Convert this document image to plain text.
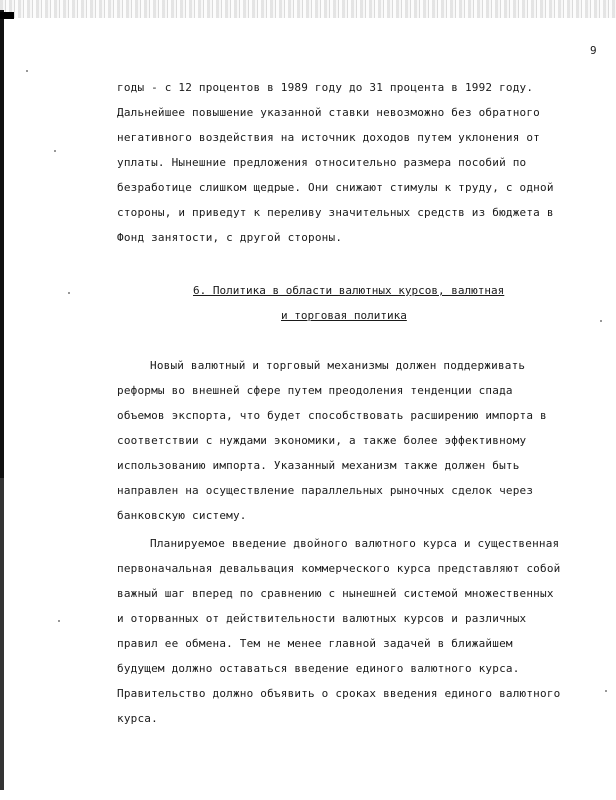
9
годы - с 12 процентов в 1989 году до 31 процента в 1992 году.
Дальнейшее повышение указанной ставки невозможно без обратного
негативного воздействия на источник доходов путем уклонения от
уплаты. Нынешние предложения относительно размера пособий по
безработице слишком щедрые. Они снижают стимулы к труду, с одной
стороны, и приведут к переливу значительных средств из бюджета в
Фонд занятости, с другой стороны.
6. Политика в области валютных курсов, валютная
и торговая политика
Новый валютный и торговый механизмы должен поддерживать
реформы во внешней сфере путем преодоления тенденции спада
объемов экспорта, что будет способствовать расширению импорта в
соответствии с нуждами экономики, а также более эффективному
использованию импорта. Указанный механизм также должен быть
направлен на осуществление параллельных рыночных сделок через
банковскую систему.
Планируемое введение двойного валютного курса и существенная
первоначальная девальвация коммерческого курса представляют собой
важный шаг вперед по сравнению с нынешней системой множественных
и оторванных от действительности валютных курсов и различных
правил ее обмена. Тем не менее главной задачей в ближайшем
будущем должно оставаться введение единого валютного курса.
Правительство должно объявить о сроках введения единого валютного
курса.
